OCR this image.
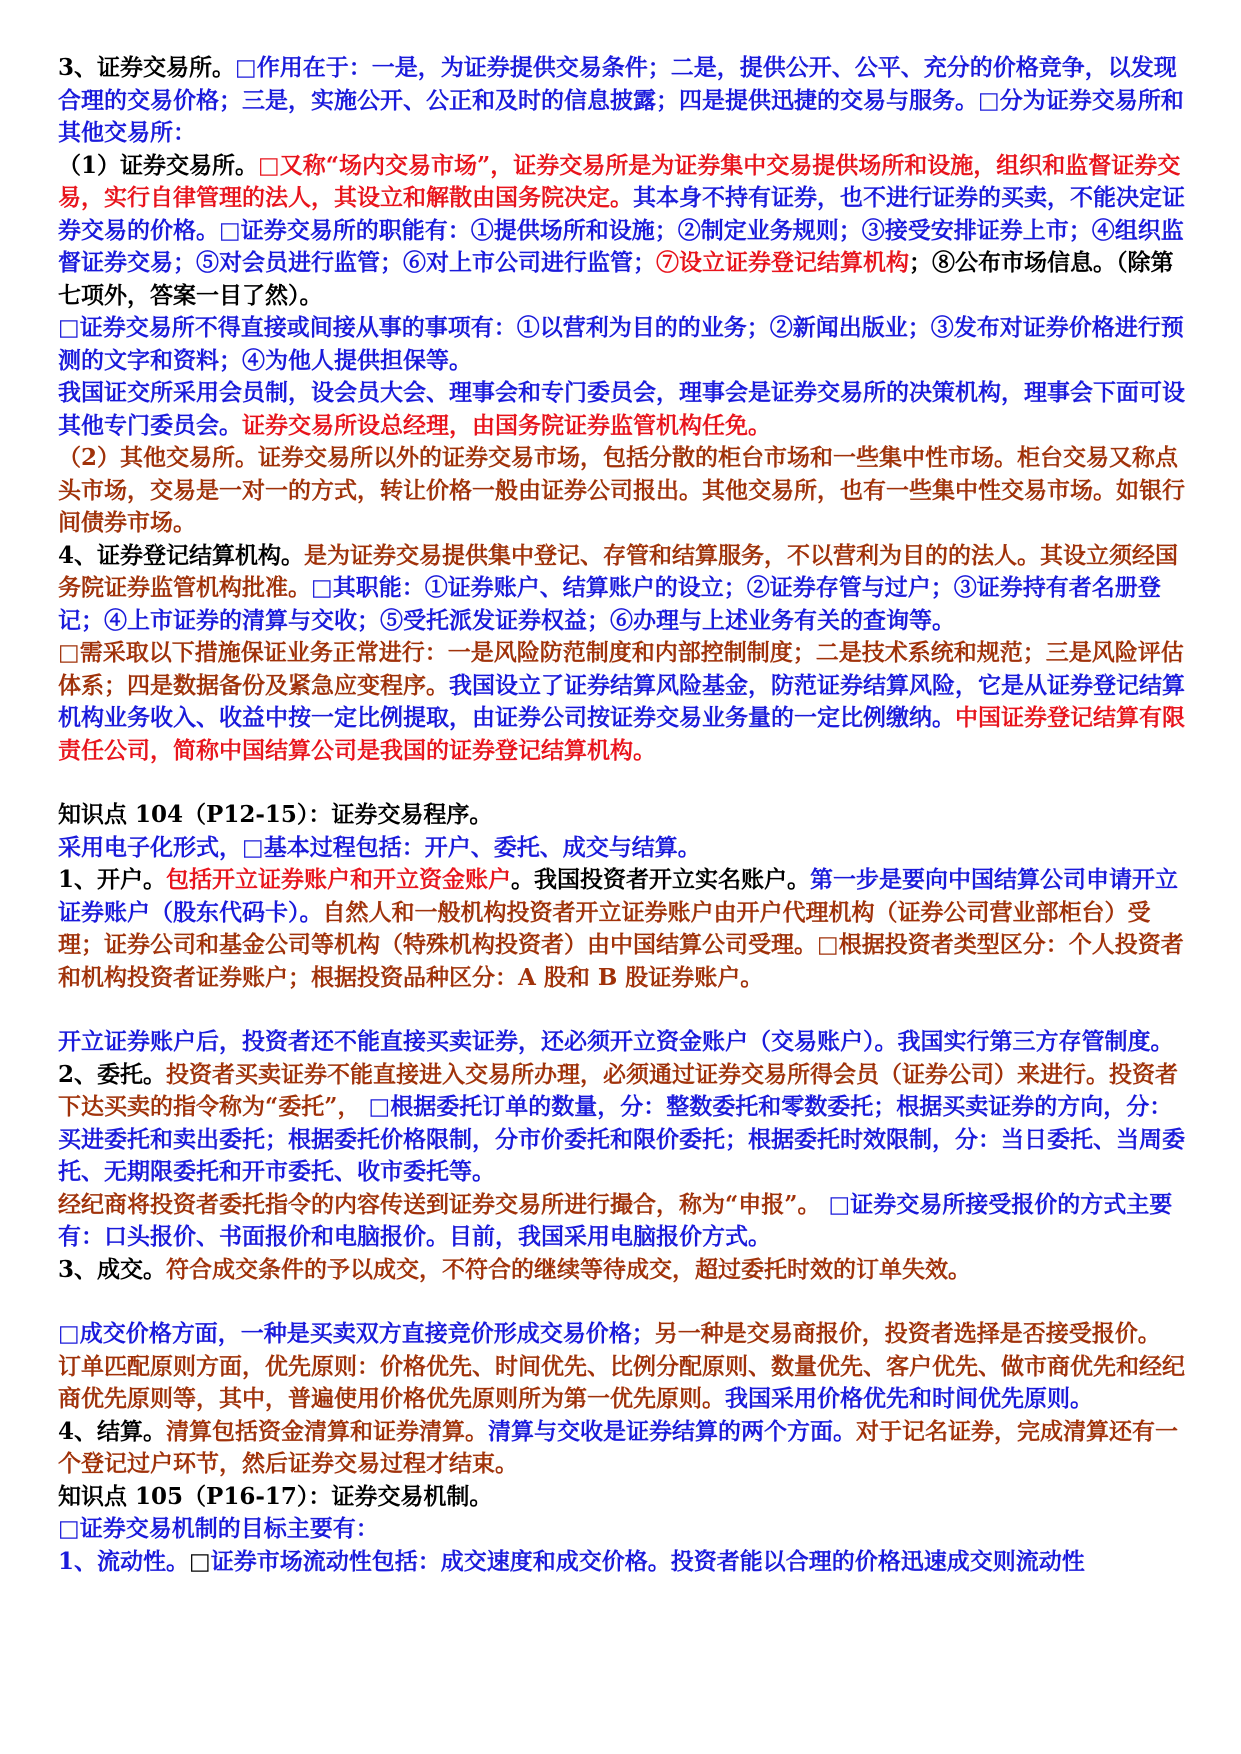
3、证券交易所。□作用在于：一是，为证券提供交易条件；二是，提供公开、公平、充分的价格竞争，以发现合理的交易价格；三是，实施公开、公正和及时的信息披露；四是提供迅捷的交易与服务。□分为证券交易所和其他交易所：

（1）证券交易所。□又称“场内交易市场”，证券交易所是为证券集中交易提供场所和设施，组织和监督证券交易，实行自律管理的法人，其设立和解散由国务院决定。其本身不持有证券，也不进行证券的买卖，不能决定证券交易的价格。□证券交易所的职能有：①提供场所和设施；②制定业务规则；③接受安排证券上市；④组织监督证券交易；⑤对会员进行监管；⑥对上市公司进行监管；⑦设立证券登记结算机构；⑧公布市场信息。（除第七项外，答案一目了然）。

□证券交易所不得直接或间接从事的事项有：①以营利为目的的业务；②新闻出版业；③发布对证券价格进行预测的文字和资料；④为他人提供担保等。

我国证交所采用会员制，设会员大会、理事会和专门委员会，理事会是证券交易所的决策机构，理事会下面可设其他专门委员会。证券交易所设总经理，由国务院证券监管机构任免。

（2）其他交易所。证券交易所以外的证券交易市场，包括分散的柜台市场和一些集中性市场。柜台交易又称点头市场，交易是一对一的方式，转让价格一般由证券公司报出。其他交易所，也有一些集中性交易市场。如银行间债券市场。

4、证券登记结算机构。是为证券交易提供集中登记、存管和结算服务，不以营利为目的的法人。其设立须经国务院证券监管机构批准。□其职能：①证券账户、结算账户的设立；②证券存管与过户；③证券持有者名册登记；④上市证券的清算与交收；⑤受托派发证券权益；⑥办理与上述业务有关的查询等。

□需采取以下措施保证业务正常进行：一是风险防范制度和内部控制制度；二是技术系统和规范；三是风险评估体系；四是数据备份及紧急应变程序。我国设立了证券结算风险基金，防范证券结算风险，它是从证券登记结算机构业务收入、收益中按一定比例提取，由证券公司按证券交易业务量的一定比例缴纳。中国证券登记结算有限责任公司，简称中国结算公司是我国的证券登记结算机构。

知识点 104（P12-15）：证券交易程序。

采用电子化形式，□基本过程包括：开户、委托、成交与结算。

1、开户。包括开立证券账户和开立资金账户。我国投资者开立实名账户。第一步是要向中国结算公司申请开立证券账户（股东代码卡）。自然人和一般机构投资者开立证券账户由开户代理机构（证券公司营业部柜台）受理；证券公司和基金公司等机构（特殊机构投资者）由中国结算公司受理。□根据投资者类型区分：个人投资者和机构投资者证券账户；根据投资品种区分：A 股和 B 股证券账户。

开立证券账户后，投资者还不能直接买卖证券，还必须开立资金账户（交易账户）。我国实行第三方存管制度。

2、委托。投资者买卖证券不能直接进入交易所办理，必须通过证券交易所得会员（证券公司）来进行。投资者下达买卖的指令称为“委托”， □根据委托订单的数量，分：整数委托和零数委托；根据买卖证券的方向，分：买进委托和卖出委托；根据委托价格限制，分市价委托和限价委托；根据委托时效限制，分：当日委托、当周委托、无期限委托和开市委托、收市委托等。

经纪商将投资者委托指令的内容传送到证券交易所进行撮合，称为“申报”。 □证券交易所接受报价的方式主要有：口头报价、书面报价和电脑报价。目前，我国采用电脑报价方式。

3、成交。符合成交条件的予以成交，不符合的继续等待成交，超过委托时效的订单失效。

□成交价格方面，一种是买卖双方直接竞价形成交易价格；另一种是交易商报价，投资者选择是否接受报价。

订单匹配原则方面，优先原则：价格优先、时间优先、比例分配原则、数量优先、客户优先、做市商优先和经纪商优先原则等，其中，普遍使用价格优先原则所为第一优先原则。我国采用价格优先和时间优先原则。

4、结算。清算包括资金清算和证券清算。清算与交收是证券结算的两个方面。对于记名证券，完成清算还有一个登记过户环节，然后证券交易过程才结束。

知识点 105（P16-17）：证券交易机制。

□证券交易机制的目标主要有：

1、流动性。□证券市场流动性包括：成交速度和成交价格。投资者能以合理的价格迅速成交则流动性
